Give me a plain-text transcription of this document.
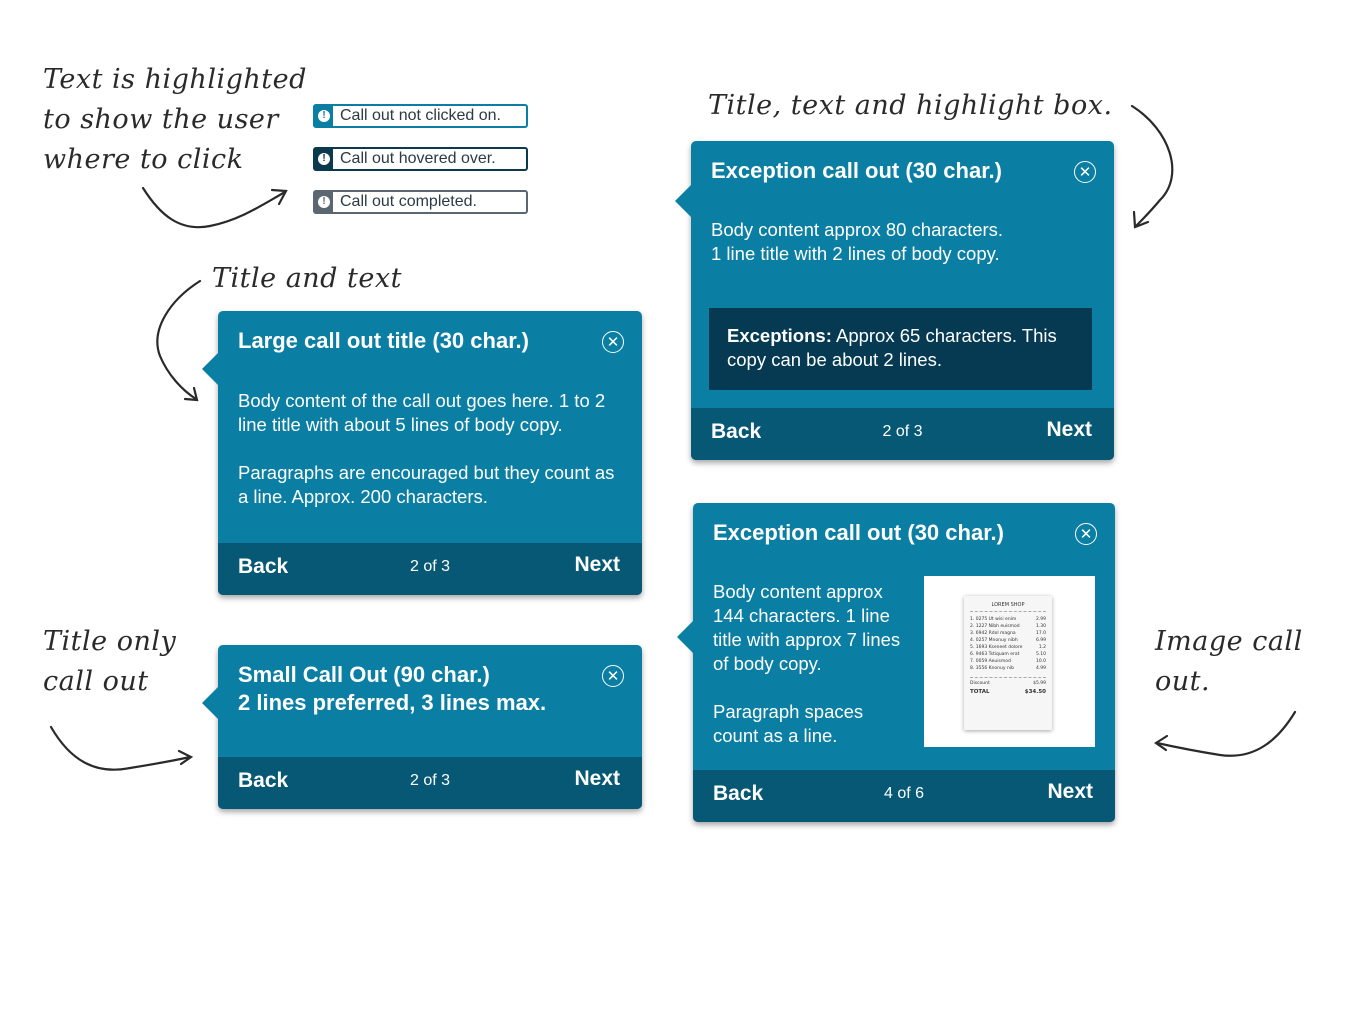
Text is highlighted
to show the user
where to click
Title, text and highlight box.
Title and text
Title only
call out
Image call
out.
! Call out not clicked on.
! Call out hovered over.
! Call out completed.
Large call out title (30 char.)	✕

Body content of the call out goes here. 1 to 2 line title with about 5 lines of body copy.

Paragraphs are encouraged but they count as a line. Approx. 200 characters.

Back	2 of 3	Next
Small Call Out (90 char.)
2 lines preferred, 3 lines max.
✕
Back	2 of 3	Next
Exception call out (30 char.)	✕
Body content approx 80 characters.
1 line title with 2 lines of body copy.
Exceptions: Approx 65 characters. This copy can be about 2 lines.
Back	2 of 3	Next
Exception call out (30 char.)	✕

Body content approx 144 characters. 1 line title with approx 7 lines of body copy.

Paragraph spaces count as a line.

LOREM SHOP
1. 0275 Ut wisi enim	2.99
2. 1227 Nibh euismod	1.30
3. 6942 Rdol magna	17.0
4. 0257 Mnonuy nibh	6.99
5. 1693 Kseneet dolore	1.2
6. 9463 Tstiquam erat	5.10
7. 0059 Aeuismod	10.0
8. 3556 Knonuy nib	4.99
Discount	$5.99
TOTAL	$34.50
Back	4 of 6	Next
